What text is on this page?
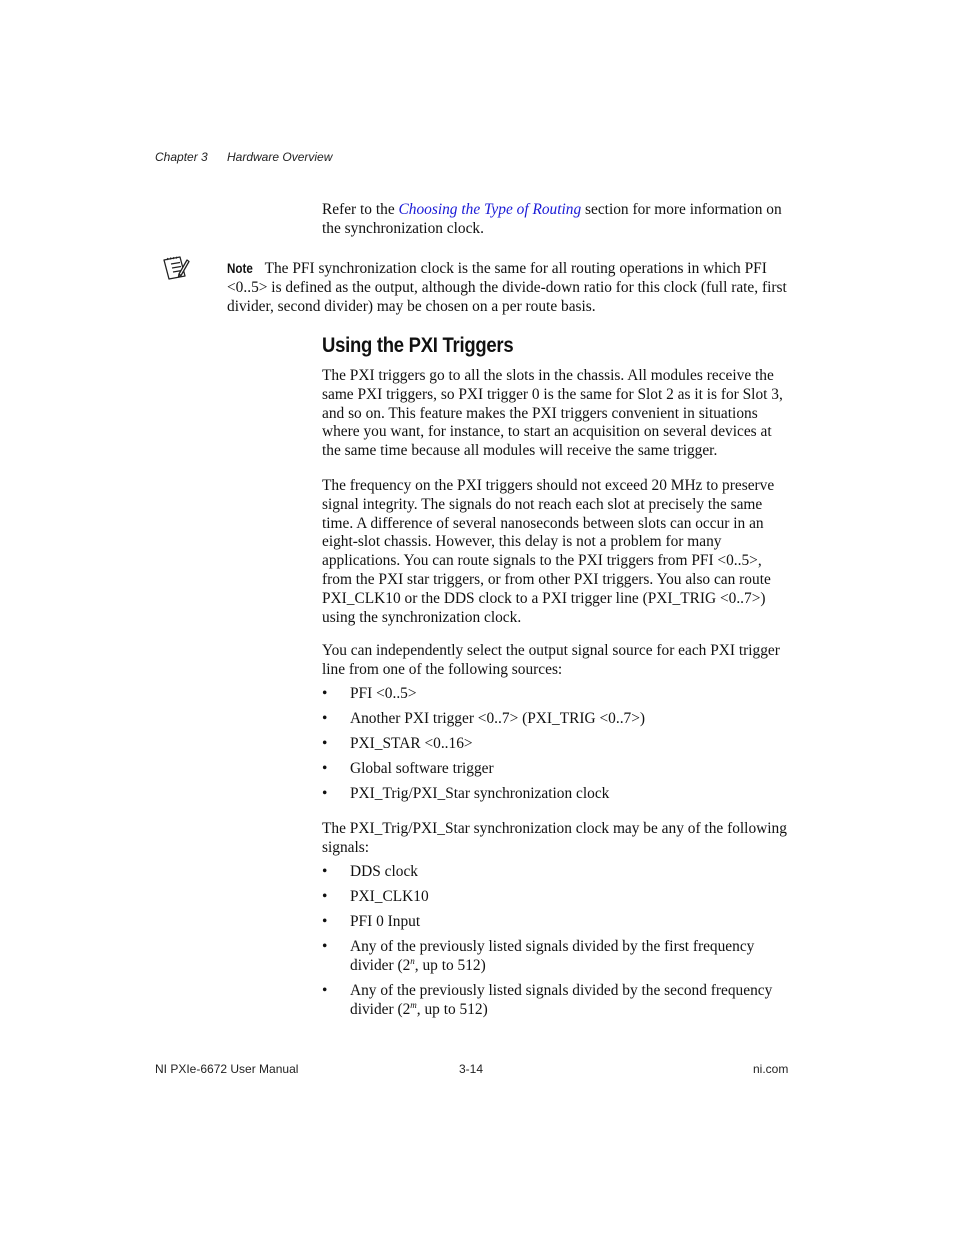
Chapter 3 Hardware Overview

Refer to the Choosing the Type of Routing section for more information on the synchronization clock.

Note The PFI synchronization clock is the same for all routing operations in which PFI <0..5> is defined as the output, although the divide-down ratio for this clock (full rate, first divider, second divider) may be chosen on a per route basis.
Using the PXI Triggers

The PXI triggers go to all the slots in the chassis. All modules receive the same PXI triggers, so PXI trigger 0 is the same for Slot 2 as it is for Slot 3, and so on. This feature makes the PXI triggers convenient in situations where you want, for instance, to start an acquisition on several devices at the same time because all modules will receive the same trigger.

The frequency on the PXI triggers should not exceed 20 MHz to preserve signal integrity. The signals do not reach each slot at precisely the same time. A difference of several nanoseconds between slots can occur in an eight-slot chassis. However, this delay is not a problem for many applications. You can route signals to the PXI triggers from PFI <0..5>, from the PXI star triggers, or from other PXI triggers. You also can route PXI_CLK10 or the DDS clock to a PXI trigger line (PXI_TRIG <0..7>) using the synchronization clock.

You can independently select the output signal source for each PXI trigger line from one of the following sources:

• PFI <0..5>
• Another PXI trigger <0..7> (PXI_TRIG <0..7>)
• PXI_STAR <0..16>
• Global software trigger
• PXI_Trig/PXI_Star synchronization clock

The PXI_Trig/PXI_Star synchronization clock may be any of the following signals:

• DDS clock
• PXI_CLK10
• PFI 0 Input
• Any of the previously listed signals divided by the first frequency divider (2$^n$, up to 512)
• Any of the previously listed signals divided by the second frequency divider (2$^m$, up to 512)
NI PXIe-6672 User Manual	3-14	ni.com
